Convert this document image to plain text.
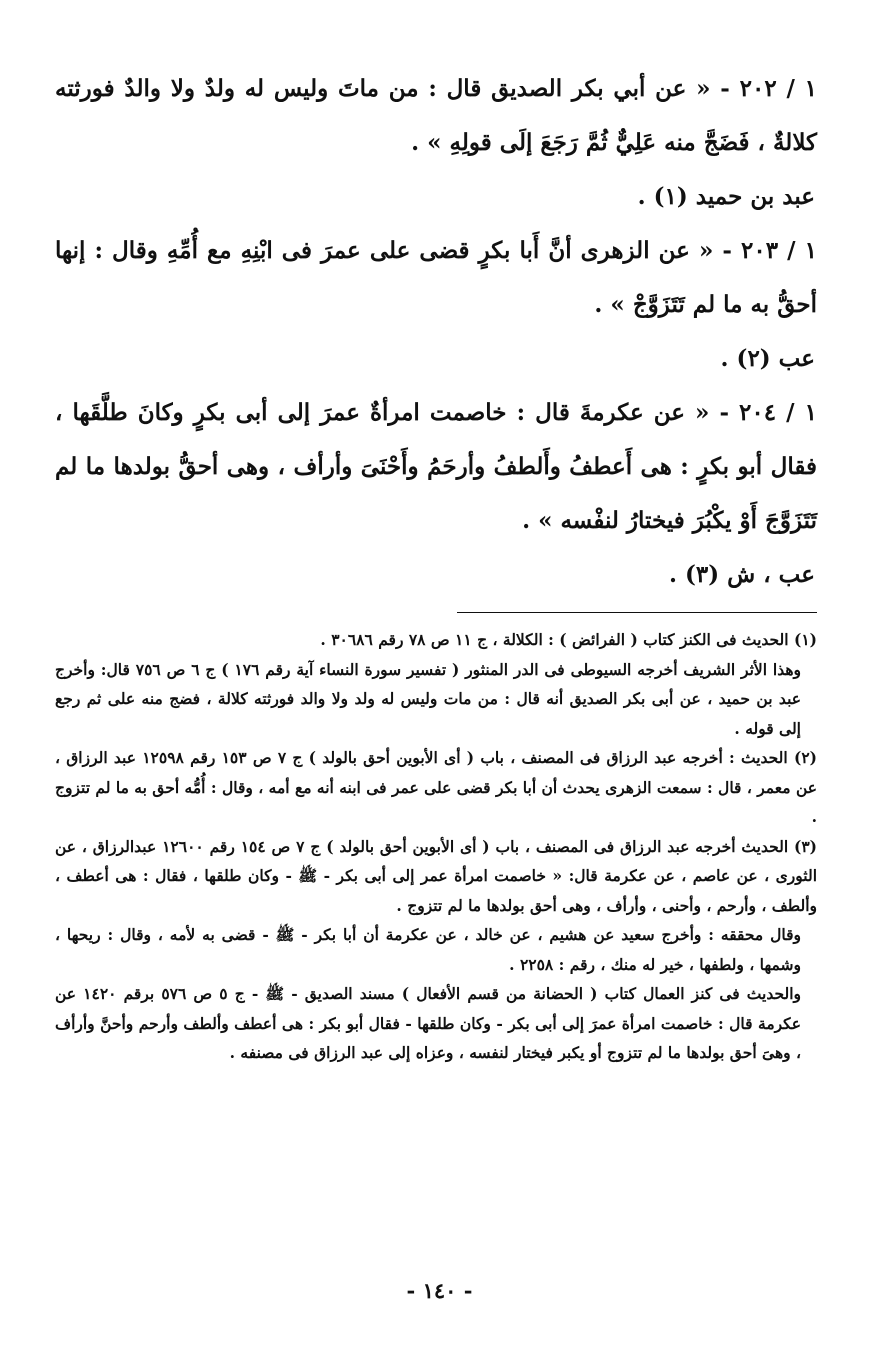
١ / ٢٠٢ - « عن أبي بكر الصديق قال : من ماتَ وليس له ولدٌ ولا والدٌ فورثته كلالةٌ ، فَضَجَّ منه عَلِيٌّ ثُمَّ رَجَعَ إلَى قولِهِ » .

عبد بن حميد (١) .

١ / ٢٠٣ - « عن الزهرى أنَّ أَبا بكرٍ قضى على عمرَ فى ابْنِهِ مع أُمِّهِ وقال : إنها أحقُّ به ما لم تَتَزَوَّجْ » .

عب (٢) .

١ / ٢٠٤ - « عن عكرمةَ قال : خاصمت امرأةٌ عمرَ إلى أبى بكرٍ وكانَ طلَّقَها ، فقال أبو بكرٍ : هى أَعطفُ وأَلطفُ وأرحَمُ وأَحْنَىَ وأرأف ، وهى أحقُّ بولدها ما لم تَتَزَوَّجَ أَوْ يكْبُرَ فيختارُ لنفْسه » .

عب ، ش (٣) .

(١) الحديث فى الكنز كتاب ( الفرائض ) : الكلالة ، ج ١١ ص ٧٨ رقم ٣٠٦٨٦ .

وهذا الأثر الشريف أخرجه السيوطى فى الدر المنثور ( تفسير سورة النساء آية رقم ١٧٦ ) ج ٦ ص ٧٥٦ قال: وأخرج عبد بن حميد ، عن أبى بكر الصديق أنه قال : من مات وليس له ولد ولا والد فورثته كلالة ، فضج منه على ثم رجع إلى قوله .

(٢) الحديث : أخرجه عبد الرزاق فى المصنف ، باب ( أى الأبوين أحق بالولد ) ج ٧ ص ١٥٣ رقم ١٢٥٩٨ عبد الرزاق ، عن معمر ، قال : سمعت الزهرى يحدث أن أبا بكر قضى على عمر فى ابنه أنه مع أمه ، وقال : أُمُّه أحق به ما لم تتزوج .

(٣) الحديث أخرجه عبد الرزاق فى المصنف ، باب ( أى الأبوين أحق بالولد ) ج ٧ ص ١٥٤ رقم ١٢٦٠٠ عبدالرزاق ، عن الثورى ، عن عاصم ، عن عكرمة قال: « خاصمت امرأة عمر إلى أبى بكر - ﷺ - وكان طلقها ، فقال : هى أعطف ، وألطف ، وأرحم ، وأحنى ، وأرأف ، وهى أحق بولدها ما لم تتزوج .

وقال محققه : وأخرج سعيد عن هشيم ، عن خالد ، عن عكرمة أن أبا بكر - ﷺ - قضى به لأمه ، وقال : ريحها ، وشمها ، ولطفها ، خير له منك ، رقم : ٢٢٥٨ .

والحديث فى كنز العمال كتاب ( الحضانة من قسم الأفعال ) مسند الصديق - ﷺ - ج ٥ ص ٥٧٦ برقم ١٤٢٠ عن عكرمة قال : خاصمت امرأة عمرَ إلى أبى بكر - وكان طلقها - فقال أبو بكر : هى أعطف وألطف وأرحم وأحنَّ وأرأف ، وهىَ أحق بولدها ما لم تتزوج أو يكبر فيختار لنفسه ، وعزاه إلى عبد الرزاق فى مصنفه .

- ١٤٠ -
